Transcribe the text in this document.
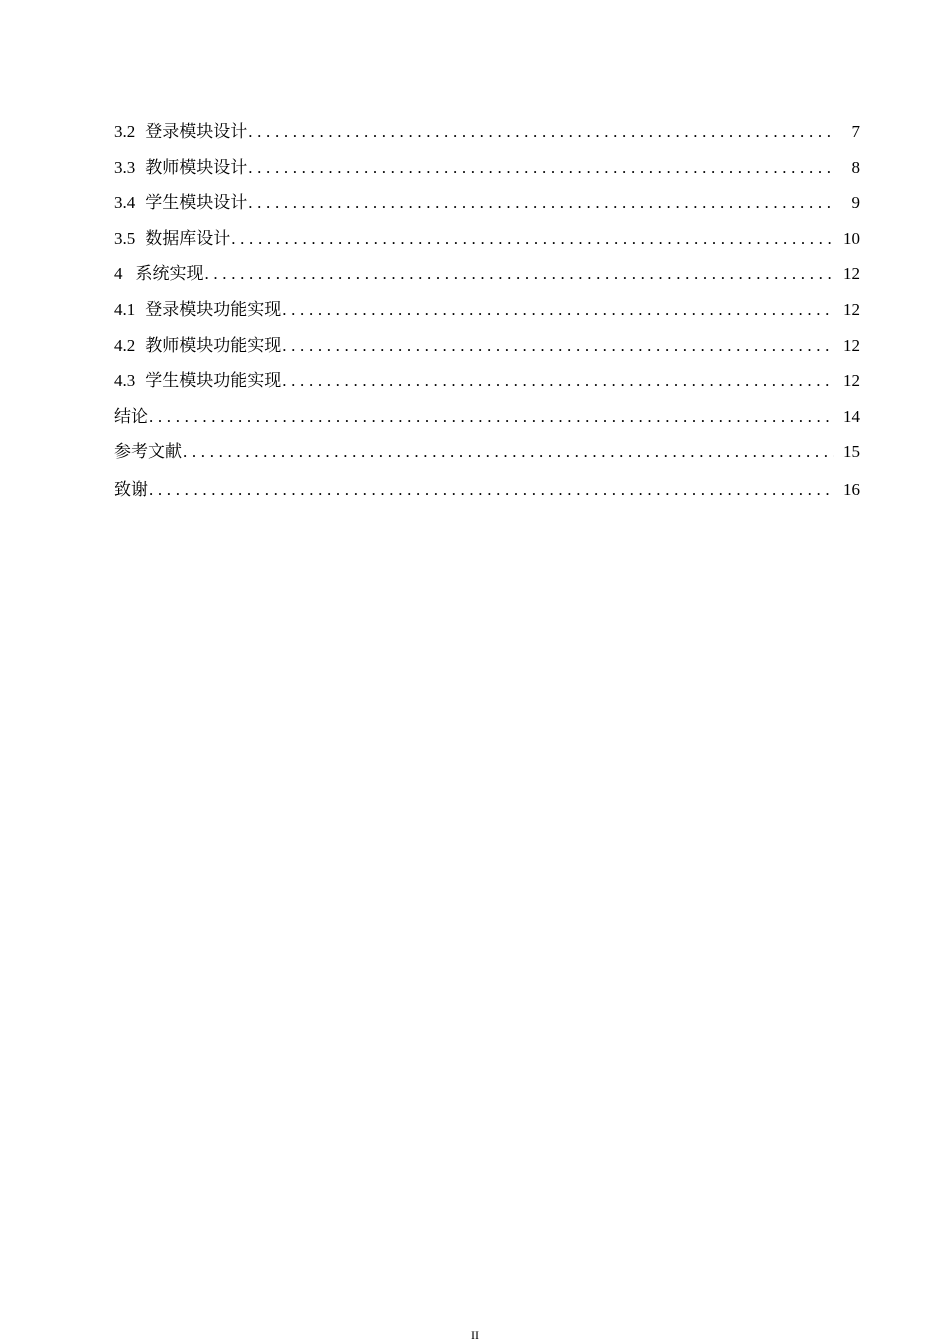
3.2 登录模块设计 . . .	7
3.3 教师模块设计 . . .	8
3.4 学生模块设计 . . .	9
3.5 数据库设计 . . .	10
4 系统实现 . . .	12
4.1 登录模块功能实现 . . .	12
4.2 教师模块功能实现 . . .	12
4.3 学生模块功能实现 . . .	12
结论 . . .	14
参考文献 . . .	15
致谢 . . .	16
II
